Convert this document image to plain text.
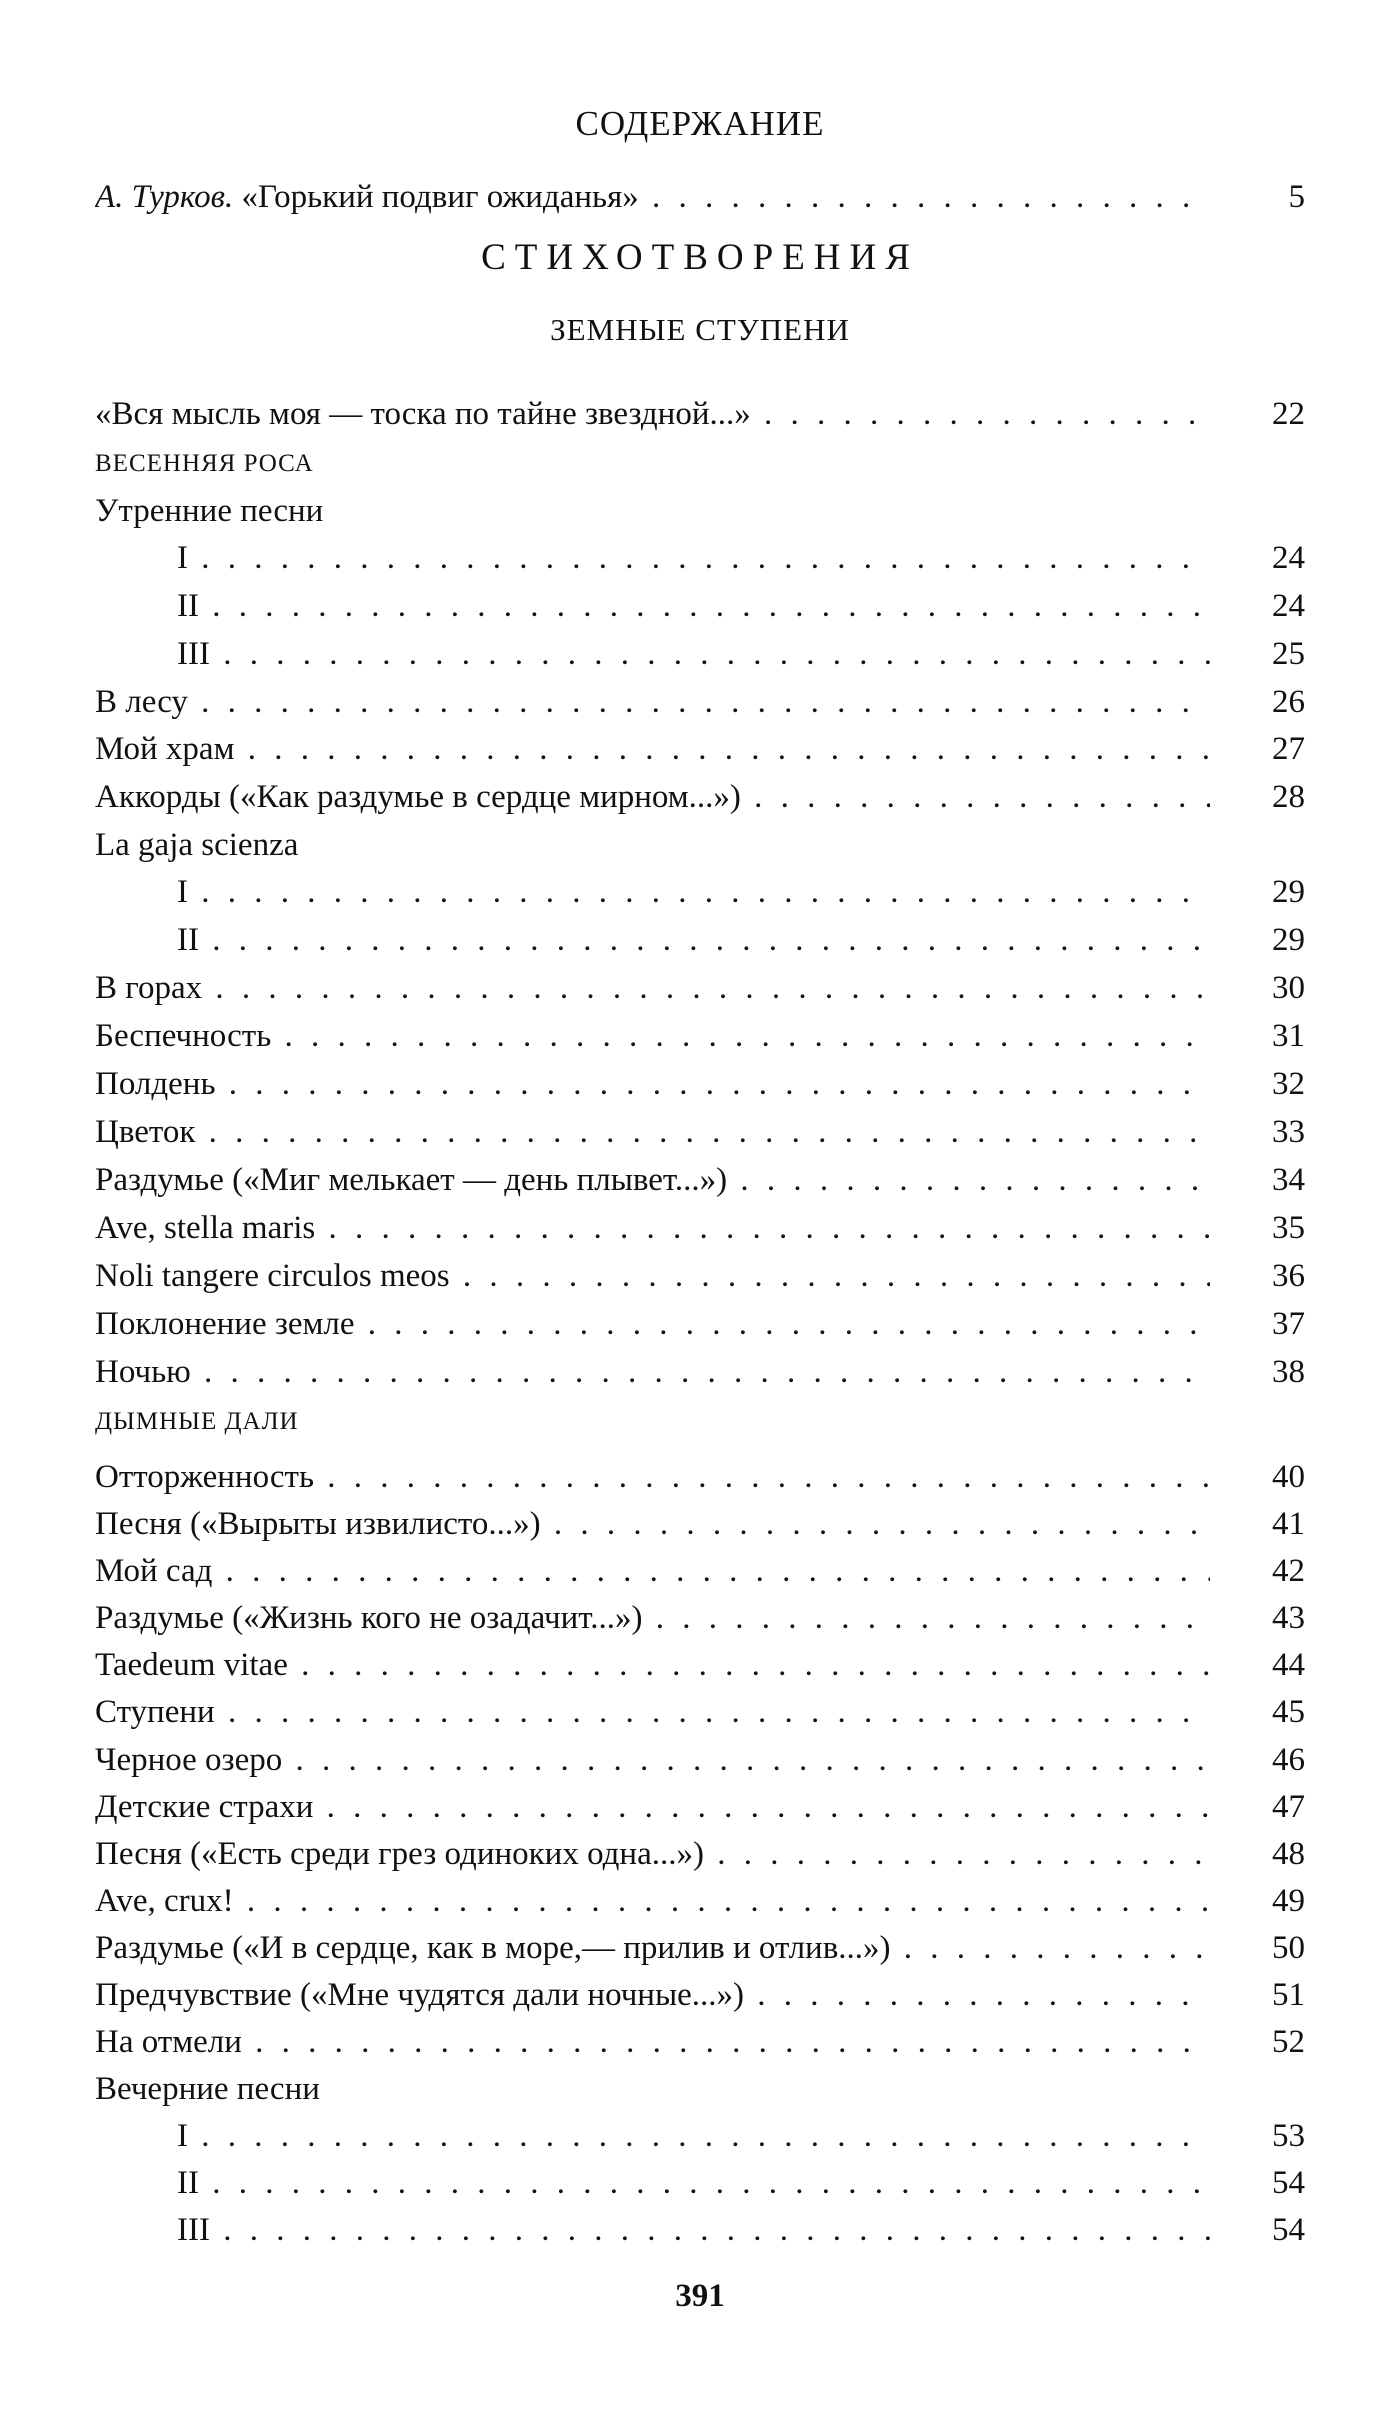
СОДЕРЖАНИЕ
А. Турков. «Горький подвиг ожиданья» . . .	5
СТИХОТВОРЕНИЯ
ЗЕМНЫЕ СТУПЕНИ
«Вся мысль моя — тоска по тайне звездной...» . . .	22
ВЕСЕННЯЯ РОСА
Утренние песни
I . . .	24
II . . .	24
III . . .	25
В лесу . . .	26
Мой храм . . .	27
Аккорды («Как раздумье в сердце мирном...») . . .	28
La gaja scienza
I . . .	29
II . . .	29
В горах . . .	30
Беспечность . . .	31
Полдень . . .	32
Цветок . . .	33
Раздумье («Миг мелькает — день плывет...») . . .	34
Ave, stella maris . . .	35
Noli tangere circulos meos . . .	36
Поклонение земле . . .	37
Ночью . . .	38
ДЫМНЫЕ ДАЛИ
Отторженность . . .	40
Песня («Вырыты извилисто...») . . .	41
Мой сад . . .	42
Раздумье («Жизнь кого не озадачит...») . . .	43
Taedeum vitae . . .	44
Ступени . . .	45
Черное озеро . . .	46
Детские страхи . . .	47
Песня («Есть среди грез одиноких одна...») . . .	48
Ave, crux! . . .	49
Раздумье («И в сердце, как в море,— прилив и отлив...») . . .	50
Предчувствие («Мне чудятся дали ночные...») . . .	51
На отмели . . .	52
Вечерние песни
I . . .	53
II . . .	54
III . . .	54
391
